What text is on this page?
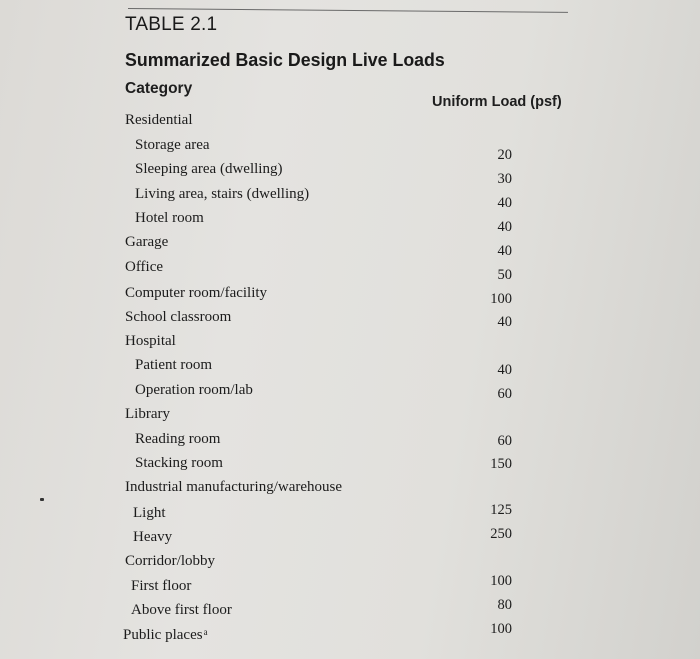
TABLE 2.1
Summarized Basic Design Live Loads
Category
Uniform Load (psf)
Residential
Storage area
Sleeping area (dwelling)
Living area, stairs (dwelling)
Hotel room
Garage
Office
Computer room/facility
School classroom
Hospital
Patient room
Operation room/lab
Library
Reading room
Stacking room
Industrial manufacturing/warehouse
Light
Heavy
Corridor/lobby
First floor
Above first floor
Public places$^a$
20
30
40
40
40
50
100
40
40
60
60
150
125
250
100
80
100
